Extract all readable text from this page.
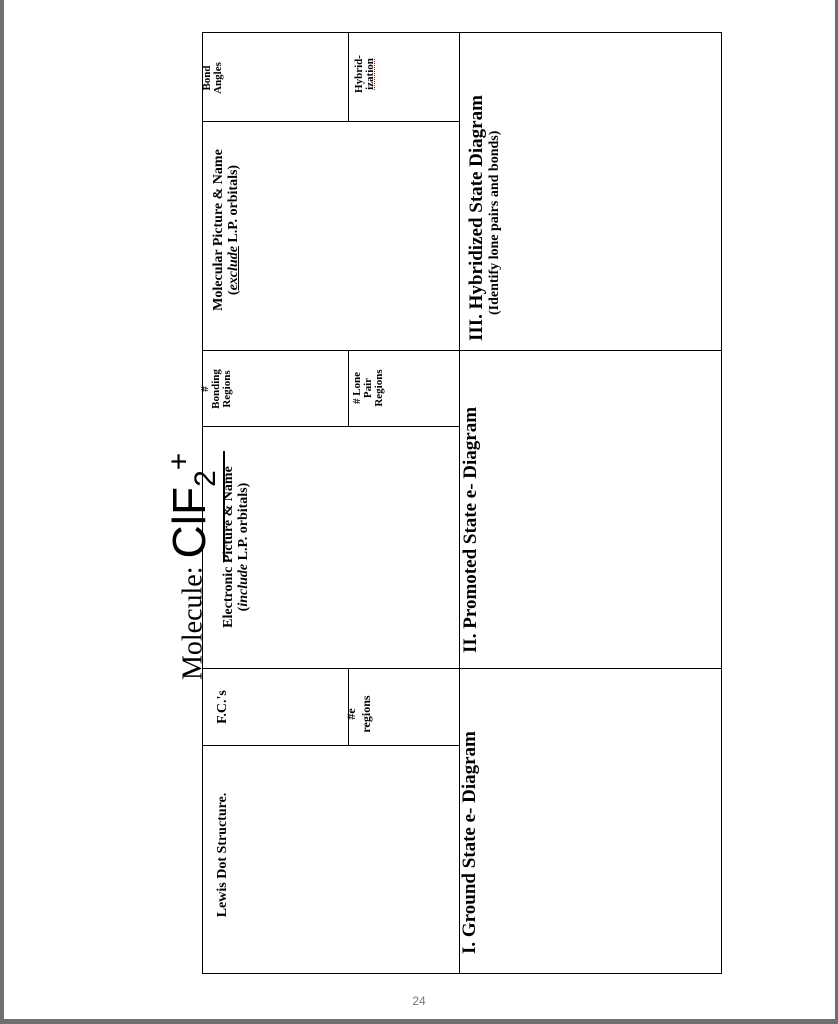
Molecule: ClF$_2$+
Lewis Dot Structure.
F.C.'s	#e regions
Electronic Picture & Name (include L.P. orbitals)
# Bonding Regions	# Lone Pair Regions
Molecular Picture & Name (exclude L.P. orbitals)
Bond Angles	Hybrid- ization
I. Ground State e- Diagram
II. Promoted State e- Diagram
III. Hybridized State Diagram (Identify lone pairs and bonds)
24
